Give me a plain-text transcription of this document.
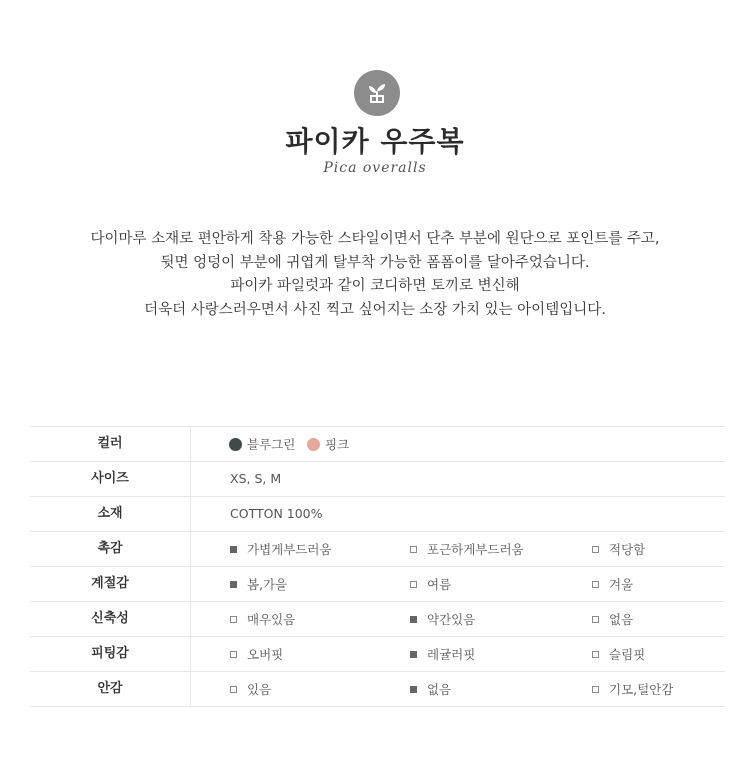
파이카 우주복
Pica overalls
다이마루 소재로 편안하게 착용 가능한 스타일이면서 단추 부분에 원단으로 포인트를 주고,
뒷면 엉덩이 부분에 귀엽게 탈부착 가능한 폼폼이를 달아주었습니다.
파이카 파일럿과 같이 코디하면 토끼로 변신해
더욱더 사랑스러우면서 사진 찍고 싶어지는 소장 가치 있는 아이템입니다.
컬러	블루그린 핑크
사이즈	XS, S, M
소재	COTTON 100%
촉감	가볍게부드러움	포근하게부드러움	적당함
계절감	봄,가을	여름	겨울
신축성	매우있음	약간있음	없음
피팅감	오버핏	레귤러핏	슬림핏
안감	있음	없음	기모,털안감
